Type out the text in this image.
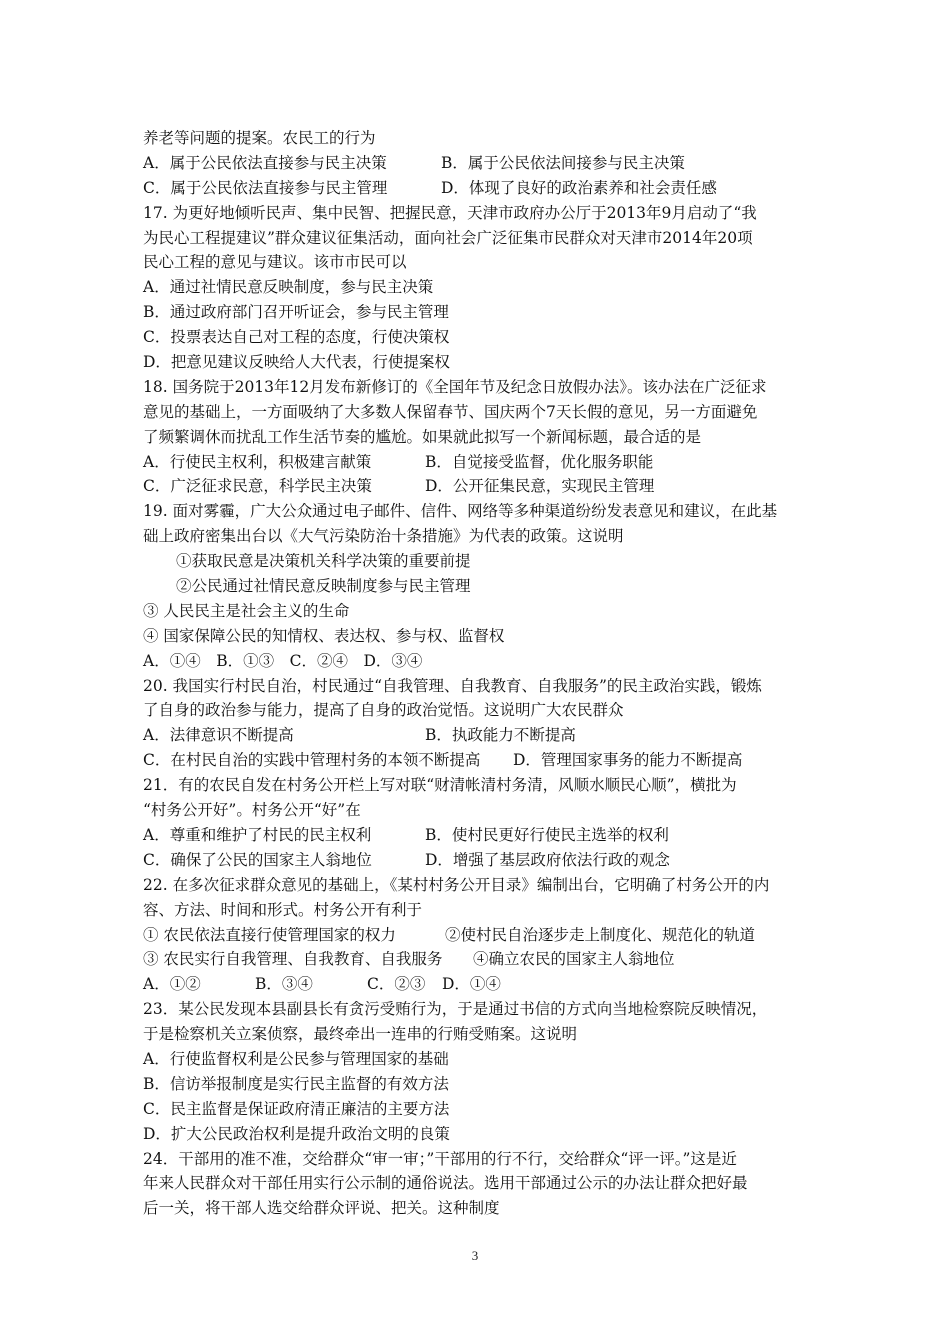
养老等问题的提案。农民工的行为
A．属于公民依法直接参与民主决策	B．属于公民依法间接参与民主决策
C．属于公民依法直接参与民主管理	D．体现了良好的政治素养和社会责任感
17. 为更好地倾听民声、集中民智、把握民意，天津市政府办公厅于2013年9月启动了“我
为民心工程提建议”群众建议征集活动，面向社会广泛征集市民群众对天津市2014年20项
民心工程的意见与建议。该市市民可以
A．通过社情民意反映制度，参与民主决策
B．通过政府部门召开听证会，参与民主管理
C．投票表达自己对工程的态度，行使决策权
D．把意见建议反映给人大代表，行使提案权
18. 国务院于2013年12月发布新修订的《全国年节及纪念日放假办法》。该办法在广泛征求
意见的基础上，一方面吸纳了大多数人保留春节、国庆两个7天长假的意见，另一方面避免
了频繁调休而扰乱工作生活节奏的尴尬。如果就此拟写一个新闻标题，最合适的是
A．行使民主权利，积极建言献策	B．自觉接受监督，优化服务职能
C．广泛征求民意，科学民主决策	D．公开征集民意，实现民主管理
19. 面对雾霾，广大公众通过电子邮件、信件、网络等多种渠道纷纷发表意见和建议，在此基
础上政府密集出台以《大气污染防治十条措施》为代表的政策。这说明
①获取民意是决策机关科学决策的重要前提
②公民通过社情民意反映制度参与民主管理
③ 人民民主是社会主义的生命
④ 国家保障公民的知情权、表达权、参与权、监督权
A．①④　B．①③　C．②④　D．③④
20. 我国实行村民自治，村民通过“自我管理、自我教育、自我服务”的民主政治实践，锻炼
了自身的政治参与能力，提高了自身的政治觉悟。这说明广大农民群众
A．法律意识不断提高	B．执政能力不断提高
C．在村民自治的实践中管理村务的本领不断提高 D．管理国家事务的能力不断提高
21．有的农民自发在村务公开栏上写对联“财清帐清村务清，风顺水顺民心顺”，横批为
“村务公开好”。村务公开“好”在
A．尊重和维护了村民的民主权利	B．使村民更好行使民主选举的权利
C．确保了公民的国家主人翁地位	D．增强了基层政府依法行政的观念
22. 在多次征求群众意见的基础上，《某村村务公开目录》编制出台，它明确了村务公开的内
容、方法、时间和形式。村务公开有利于
① 农民依法直接行使管理国家的权力	②使村民自治逐步走上制度化、规范化的轨道
③ 农民实行自我管理、自我教育、自我服务 ④确立农民的国家主人翁地位
A．①②	B．③④	C．②③ D．①④
23．某公民发现本县副县长有贪污受贿行为，于是通过书信的方式向当地检察院反映情况，
于是检察机关立案侦察，最终牵出一连串的行贿受贿案。这说明
A．行使监督权利是公民参与管理国家的基础
B．信访举报制度是实行民主监督的有效方法
C．民主监督是保证政府清正廉洁的主要方法
D．扩大公民政治权利是提升政治文明的良策
24．干部用的准不准，交给群众“审一审；”干部用的行不行，交给群众“评一评。”这是近
年来人民群众对干部任用实行公示制的通俗说法。选用干部通过公示的办法让群众把好最
后一关，将干部人选交给群众评说、把关。这种制度
3
